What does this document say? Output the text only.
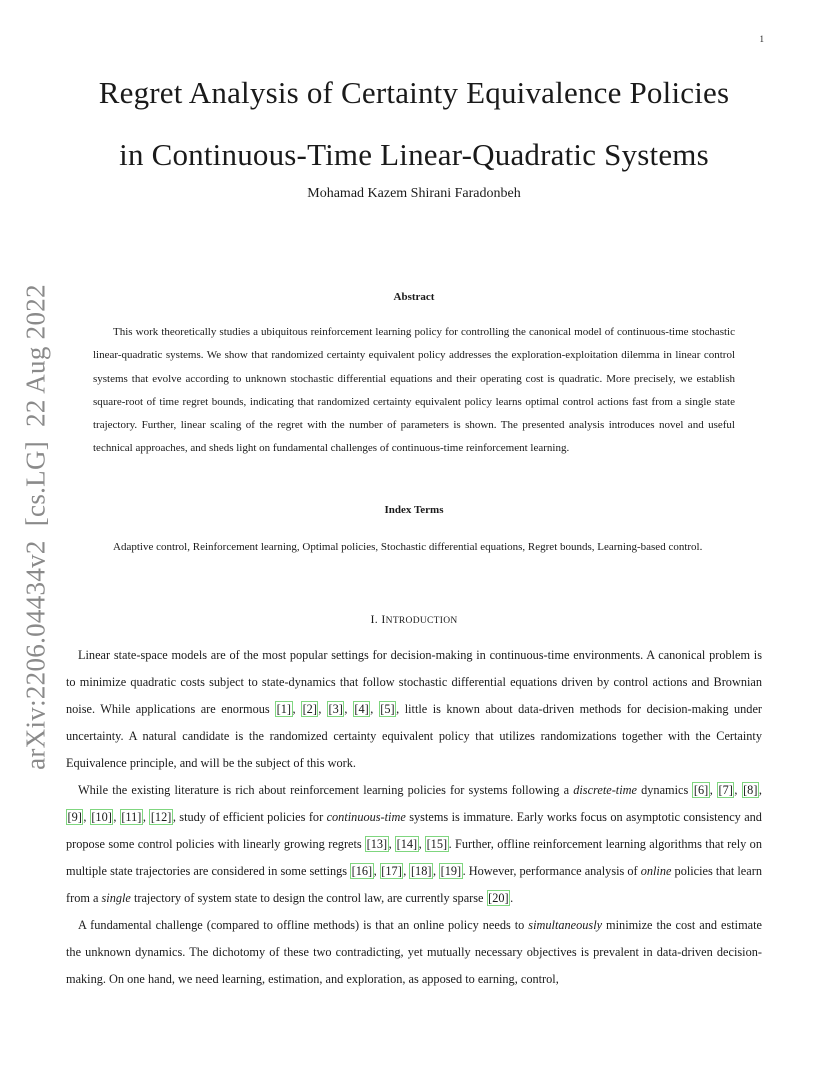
1
arXiv:2206.04434v2[cs.LG]22 Aug 2022
Regret Analysis of Certainty Equivalence Policies
in Continuous-Time Linear-Quadratic Systems
Mohamad Kazem Shirani Faradonbeh
Abstract

This work theoretically studies a ubiquitous reinforcement learning policy for controlling the canonical model of continuous-time stochastic linear-quadratic systems. We show that randomized certainty equivalent policy addresses the exploration-exploitation dilemma in linear control systems that evolve according to unknown stochastic differential equations and their operating cost is quadratic. More precisely, we establish square-root of time regret bounds, indicating that randomized certainty equivalent policy learns optimal control actions fast from a single state trajectory. Further, linear scaling of the regret with the number of parameters is shown. The presented analysis introduces novel and useful technical approaches, and sheds light on fundamental challenges of continuous-time reinforcement learning.

Index Terms

Adaptive control, Reinforcement learning, Optimal policies, Stochastic differential equations, Regret bounds, Learning-based control.

I. INTRODUCTION

Linear state-space models are of the most popular settings for decision-making in continuous-time environments. A canonical problem is to minimize quadratic costs subject to state-dynamics that follow stochastic differential equations driven by control actions and Brownian noise. While applications are enormous [1] , [2] , [3] , [4] , [5] , little is known about data-driven methods for decision-making under uncertainty. A natural candidate is the randomized certainty equivalent policy that utilizes randomizations together with the Certainty Equivalence principle, and will be the subject of this work.

While the existing literature is rich about reinforcement learning policies for systems following a discrete-time dynamics [6] , [7] , [8] , [9] , [10] , [11] , [12] , study of efficient policies for continuous-time systems is immature. Early works focus on asymptotic consistency and propose some control policies with linearly growing regrets [13] , [14] , [15] . Further, offline reinforcement learning algorithms that rely on multiple state trajectories are considered in some settings [16] , [17] , [18] , [19] . However, performance analysis of online policies that learn from a single trajectory of system state to design the control law, are currently sparse [20] .

A fundamental challenge (compared to offline methods) is that an online policy needs to simultaneously minimize the cost and estimate the unknown dynamics. The dichotomy of these two contradicting, yet mutually necessary objectives is prevalent in data-driven decision-making. On one hand, we need learning, estimation, and exploration, as apposed to earning, control,
